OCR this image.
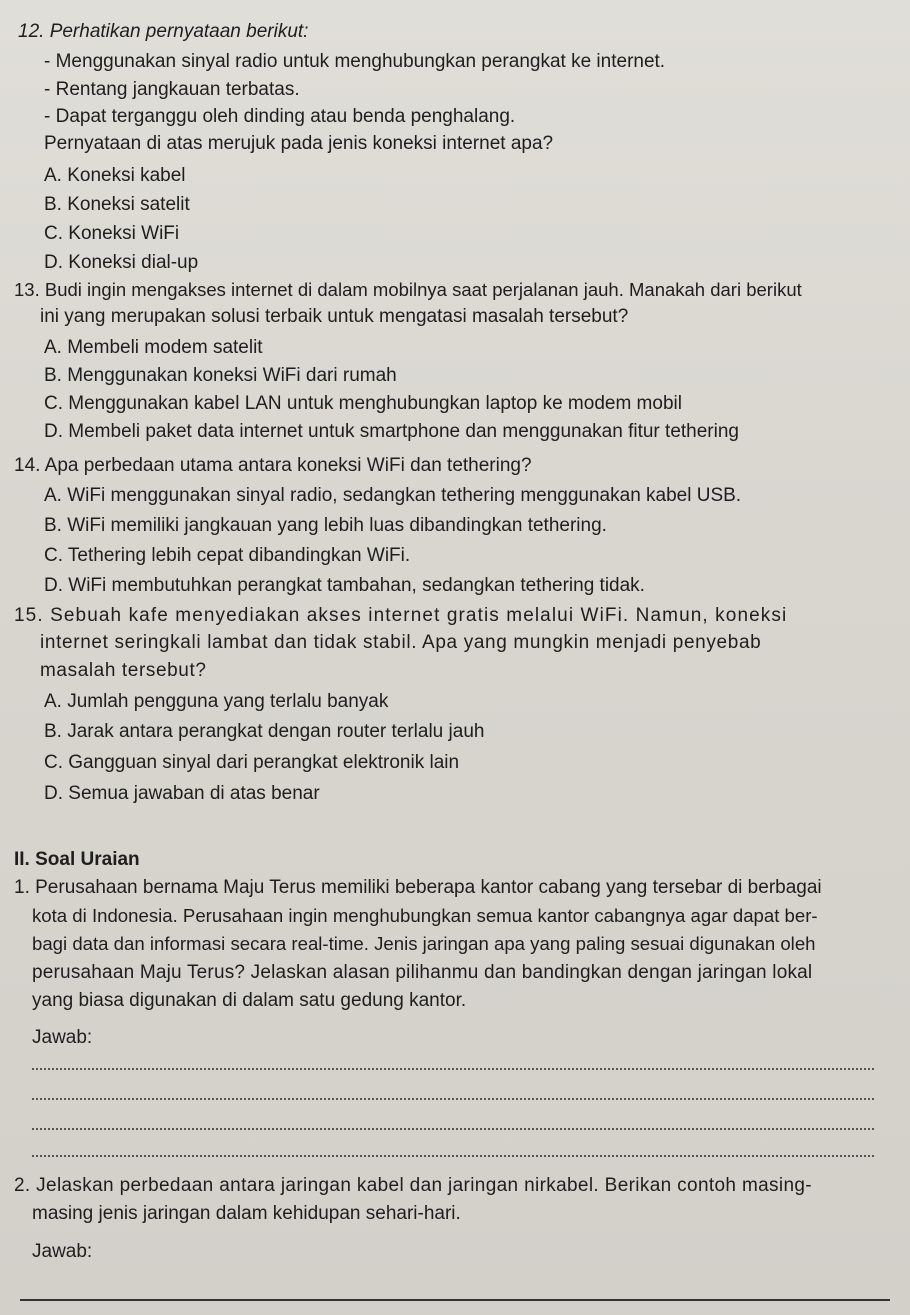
12. Perhatikan pernyataan berikut:
- Menggunakan sinyal radio untuk menghubungkan perangkat ke internet.
- Rentang jangkauan terbatas.
- Dapat terganggu oleh dinding atau benda penghalang.
Pernyataan di atas merujuk pada jenis koneksi internet apa?
A. Koneksi kabel
B. Koneksi satelit
C. Koneksi WiFi
D. Koneksi dial-up
13. Budi ingin mengakses internet di dalam mobilnya saat perjalanan jauh. Manakah dari berikut
ini yang merupakan solusi terbaik untuk mengatasi masalah tersebut?
A. Membeli modem satelit
B. Menggunakan koneksi WiFi dari rumah
C. Menggunakan kabel LAN untuk menghubungkan laptop ke modem mobil
D. Membeli paket data internet untuk smartphone dan menggunakan fitur tethering
14. Apa perbedaan utama antara koneksi WiFi dan tethering?
A. WiFi menggunakan sinyal radio, sedangkan tethering menggunakan kabel USB.
B. WiFi memiliki jangkauan yang lebih luas dibandingkan tethering.
C. Tethering lebih cepat dibandingkan WiFi.
D. WiFi membutuhkan perangkat tambahan, sedangkan tethering tidak.
15. Sebuah kafe menyediakan akses internet gratis melalui WiFi. Namun, koneksi
internet seringkali lambat dan tidak stabil. Apa yang mungkin menjadi penyebab
masalah tersebut?
A. Jumlah pengguna yang terlalu banyak
B. Jarak antara perangkat dengan router terlalu jauh
C. Gangguan sinyal dari perangkat elektronik lain
D. Semua jawaban di atas benar
II. Soal Uraian
1. Perusahaan bernama Maju Terus memiliki beberapa kantor cabang yang tersebar di berbagai
kota di Indonesia. Perusahaan ingin menghubungkan semua kantor cabangnya agar dapat ber-
bagi data dan informasi secara real-time. Jenis jaringan apa yang paling sesuai digunakan oleh
perusahaan Maju Terus? Jelaskan alasan pilihanmu dan bandingkan dengan jaringan lokal
yang biasa digunakan di dalam satu gedung kantor.
Jawab:
2. Jelaskan perbedaan antara jaringan kabel dan jaringan nirkabel. Berikan contoh masing-
masing jenis jaringan dalam kehidupan sehari-hari.
Jawab:
